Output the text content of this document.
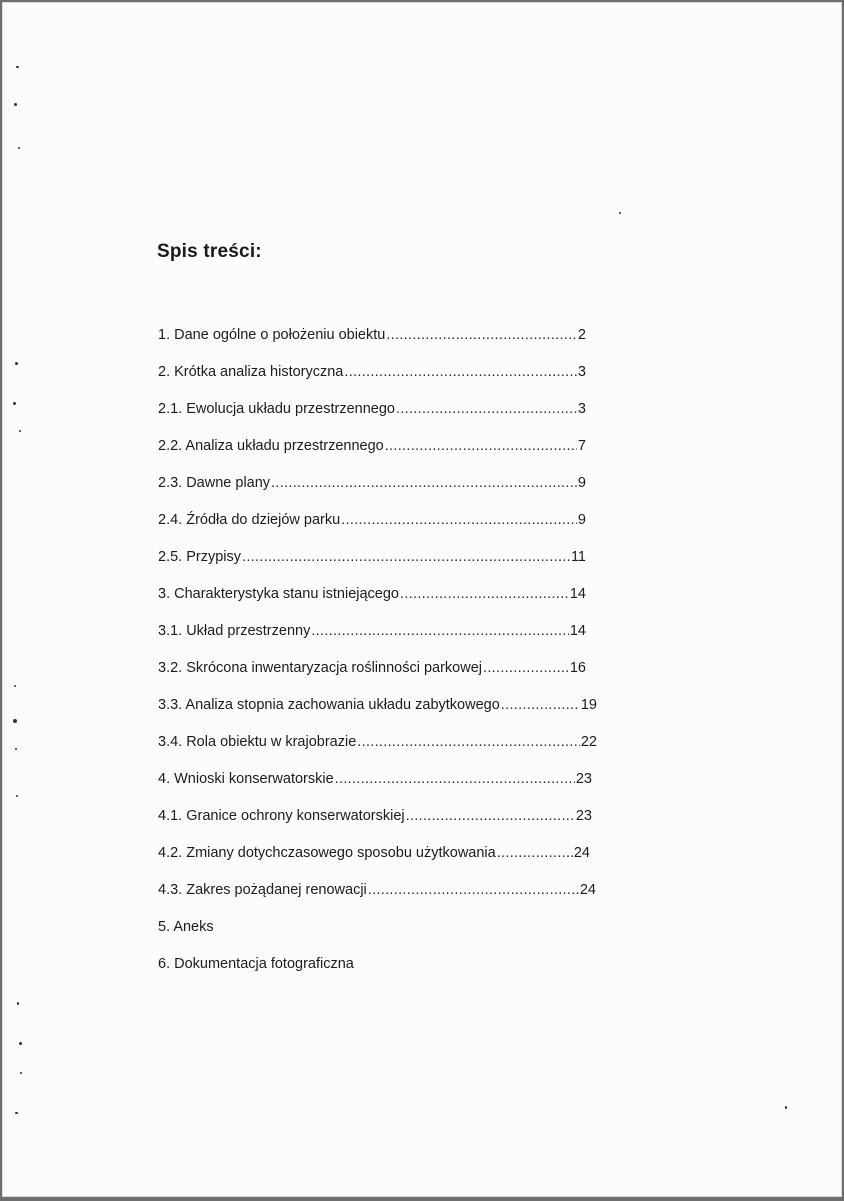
Spis treści:
1. Dane ogólne o położeniu obiektu .....	2
2. Krótka analiza historyczna .....	3
2.1. Ewolucja układu przestrzennego .....	3
2.2. Analiza układu przestrzennego .....	7
2.3. Dawne plany .....	9
2.4. Źródła do dziejów parku .....	9
2.5. Przypisy .....	11
3. Charakterystyka stanu istniejącego .....	14
3.1. Układ przestrzenny .....	14
3.2. Skrócona inwentaryzacja roślinności parkowej .....	16
3.3. Analiza stopnia zachowania układu zabytkowego .....	19
3.4. Rola obiektu w krajobrazie .....	22
4. Wnioski konserwatorskie .....	23
4.1. Granice ochrony konserwatorskiej .....	23
4.2. Zmiany dotychczasowego sposobu użytkowania .....	24
4.3. Zakres pożądanej renowacji .....	24
5. Aneks
6. Dokumentacja fotograficzna
